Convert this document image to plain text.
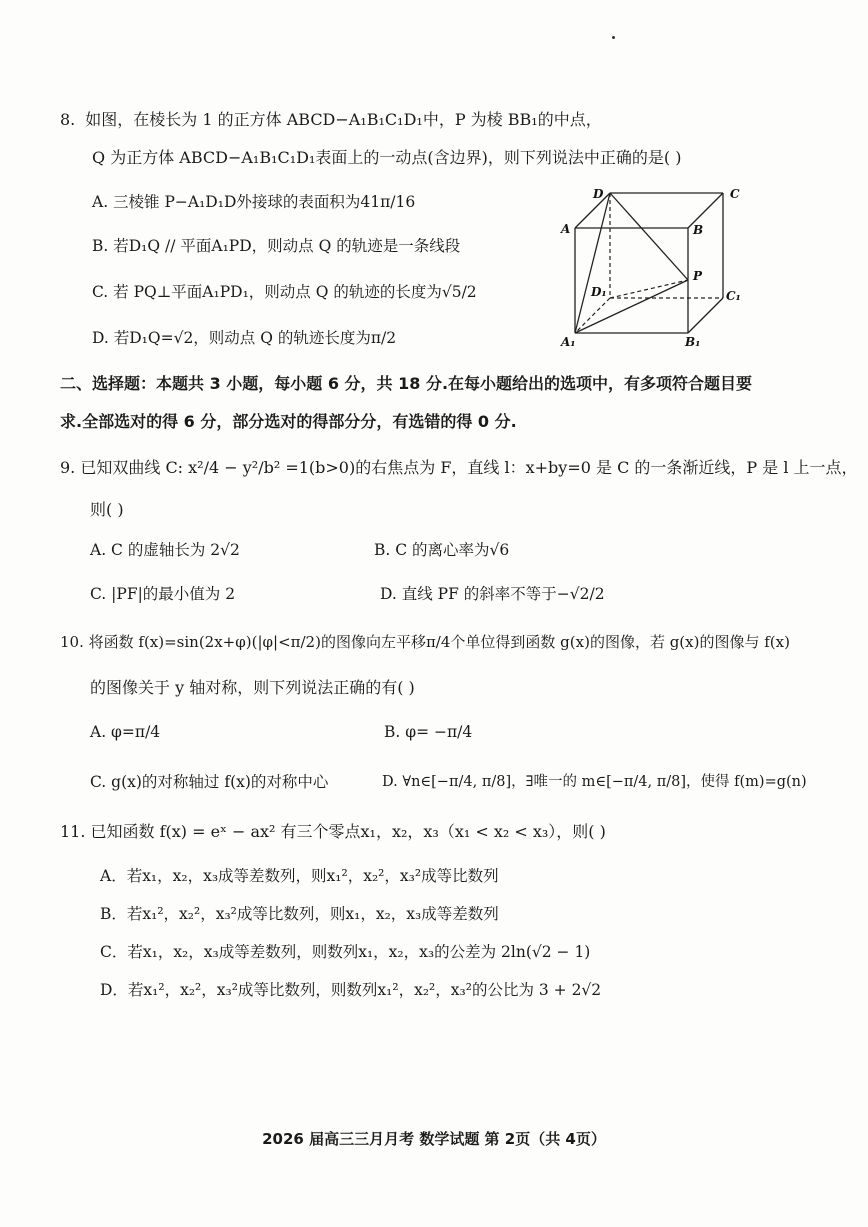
8. 如图，在棱长为 1 的正方体 ABCD−A₁B₁C₁D₁中，P 为棱 BB₁的中点，
Q 为正方体 ABCD−A₁B₁C₁D₁表面上的一动点(含边界)，则下列说法中正确的是( )
A. 三棱锥 P−A₁D₁D外接球的表面积为41π/16
B. 若D₁Q // 平面A₁PD，则动点 Q 的轨迹是一条线段
C. 若 PQ⊥平面A₁PD₁，则动点 Q 的轨迹的长度为√5/2
D. 若D₁Q=√2，则动点 Q 的轨迹长度为π/2
D	C
A	B
P
D₁	C₁
A₁	B₁
二、选择题：本题共 3 小题，每小题 6 分，共 18 分.在每小题给出的选项中，有多项符合题目要
求.全部选对的得 6 分，部分选对的得部分分，有选错的得 0 分.
9. 已知双曲线 C: x²/4 − y²/b² =1(b>0)的右焦点为 F，直线 l：x+by=0 是 C 的一条渐近线，P 是 l 上一点，
则( )
A. C 的虚轴长为 2√2	B. C 的离心率为√6
C. |PF|的最小值为 2	D. 直线 PF 的斜率不等于−√2/2
10. 将函数 f(x)=sin(2x+φ)(|φ|<π/2)的图像向左平移π/4个单位得到函数 g(x)的图像，若 g(x)的图像与 f(x)
的图像关于 y 轴对称，则下列说法正确的有( )
A. φ=π/4	B. φ= −π/4
C. g(x)的对称轴过 f(x)的对称中心	D. ∀n∈[−π/4, π/8]，∃唯一的 m∈[−π/4, π/8]，使得 f(m)=g(n)
11. 已知函数 f(x) = eˣ − ax² 有三个零点x₁，x₂，x₃（x₁ < x₂ < x₃），则( )
A．若x₁，x₂，x₃成等差数列，则x₁²，x₂²，x₃²成等比数列
B．若x₁²，x₂²，x₃²成等比数列，则x₁，x₂，x₃成等差数列
C．若x₁，x₂，x₃成等差数列，则数列x₁，x₂，x₃的公差为 2ln(√2 − 1)
D．若x₁²，x₂²，x₃²成等比数列，则数列x₁²，x₂²，x₃²的公比为 3 + 2√2
2026 届高三三月月考 数学试题 第 2页（共 4页）
